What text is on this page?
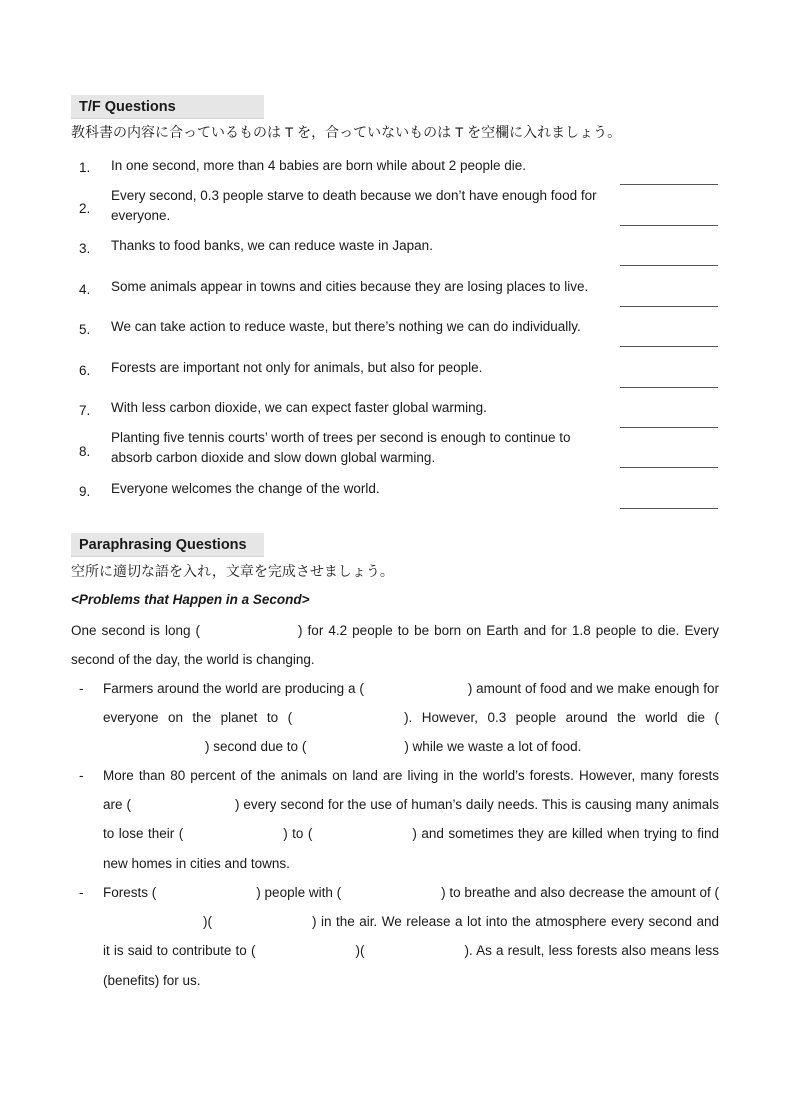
T/F Questions
教科書の内容に合っているものは T を，合っていないものは T を空欄に入れましょう。
1. In one second, more than 4 babies are born while about 2 people die.
2.
Every second, 0.3 people starve to death because we don’t have enough food for everyone.
3. Thanks to food banks, we can reduce waste in Japan.
4. Some animals appear in towns and cities because they are losing places to live.
5. We can take action to reduce waste, but there’s nothing we can do individually.
6. Forests are important not only for animals, but also for people.
7. With less carbon dioxide, we can expect faster global warming.
8.
Planting five tennis courts’ worth of trees per second is enough to continue to absorb carbon dioxide and slow down global warming.
9. Everyone welcomes the change of the world.
Paraphrasing Questions
空所に適切な語を入れ，文章を完成させましょう。
<Problems that Happen in a Second>
One second is long (	) for 4.2 people to be born on Earth and for 1.8 people to die. Every second of the day, the world is changing.
- Farmers around the world are producing a (	) amount of food and we make enough for everyone on the planet to (	). However, 0.3 people around the world die () second due to (	) while we waste a lot of food.
- More than 80 percent of the animals on land are living in the world’s forests. However, many forests are (	) every second for the use of human’s daily needs. This is causing many animals to lose their (	) to (	) and sometimes they are killed when trying to find new homes in cities and towns.
- Forests (	) people with (	) to breathe and also decrease the amount of ()(	) in the air. We release a lot into the atmosphere every second and it is said to contribute to (	)(	). As a result, less forests also means less (benefits) for us.
